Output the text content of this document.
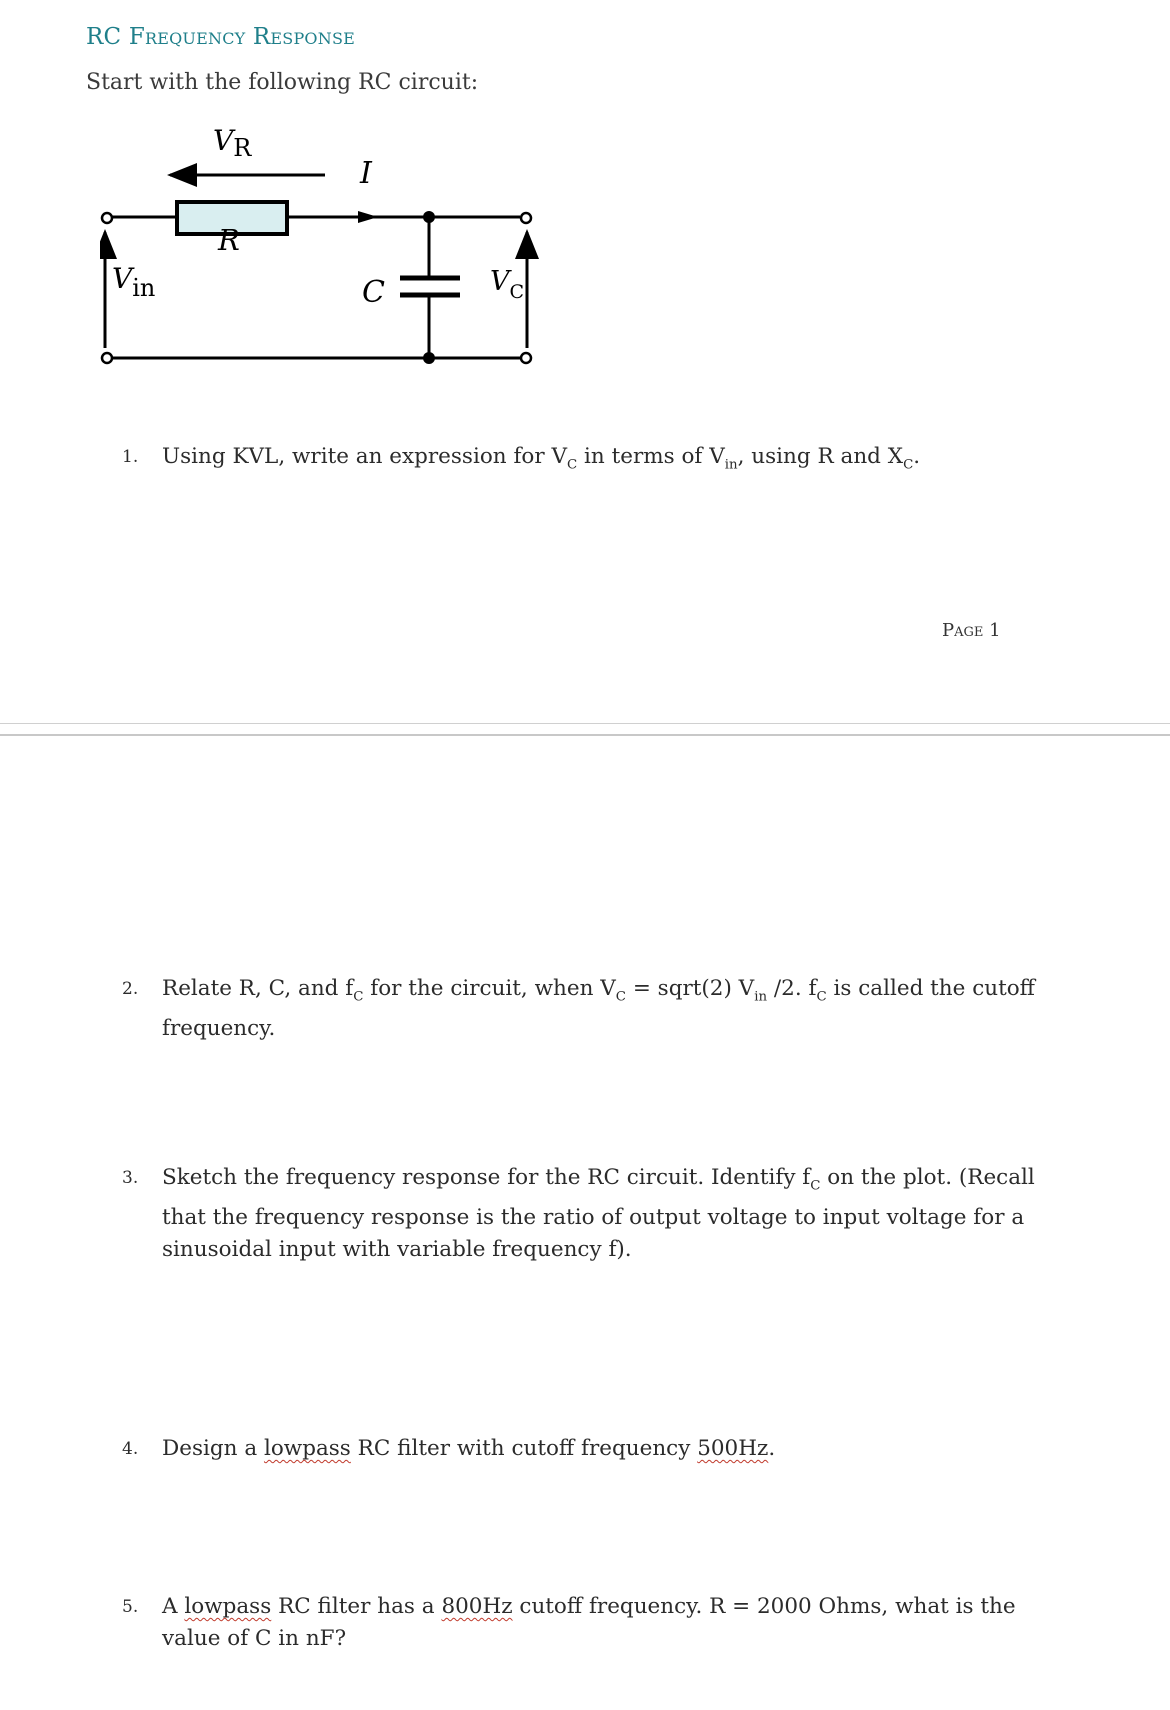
RC Frequency Response
Start with the following RC circuit:
VR
I
R
Vin	C	$V_C$
1. Using KVL, write an expression for $V_C$ in terms of $V_{in}$, using R and $X_C$.
Page 1
2. Relate R, C, and $f_C$ for the circuit, when $V_C$ = sqrt(2) $V_{in}$ /2. $f_C$ is called the cutoff frequency.
3. Sketch the frequency response for the RC circuit. Identify $f_C$ on the plot. (Recall that the frequency response is the ratio of output voltage to input voltage for a sinusoidal input with variable frequency f).
4. Design a lowpass RC filter with cutoff frequency 500Hz.
5. A lowpass RC filter has a 800Hz cutoff frequency. R = 2000 Ohms, what is the value of C in nF?
